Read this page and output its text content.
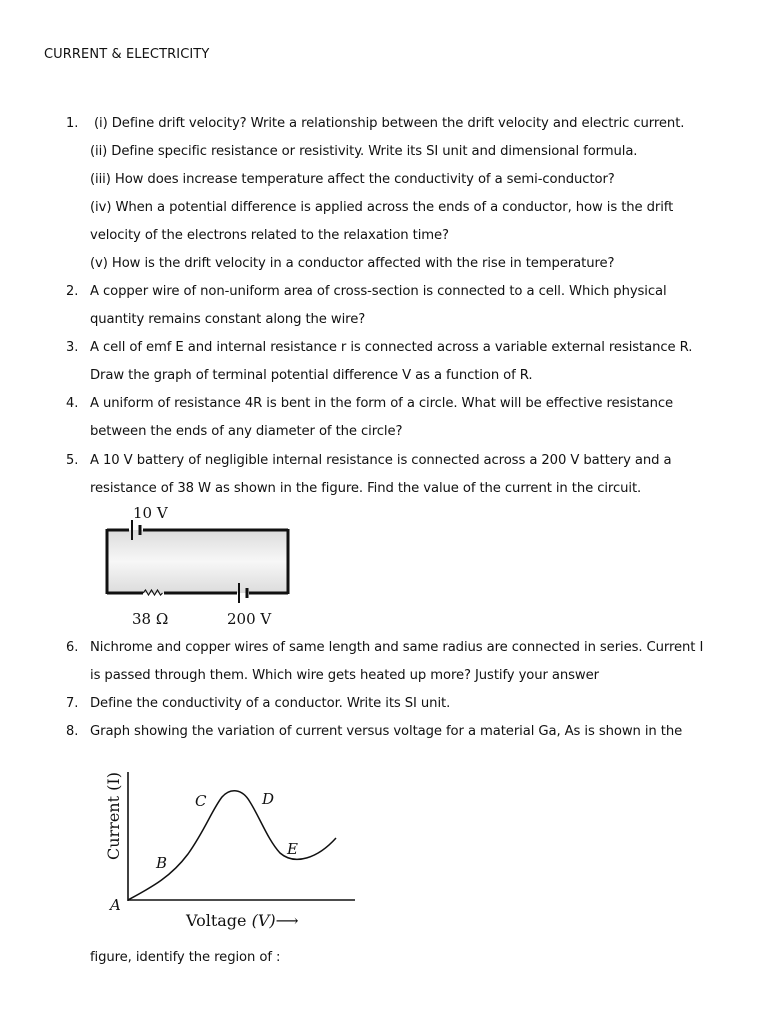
CURRENT & ELECTRICITY
1.	(i) Define drift velocity? Write a relationship between the drift velocity and electric current.
(ii) Define specific resistance or resistivity. Write its SI unit and dimensional formula.
(iii) How does increase temperature affect the conductivity of a semi-conductor?
(iv) When a potential difference is applied across the ends of a conductor, how is the drift
velocity of the electrons related to the relaxation time?
(v) How is the drift velocity in a conductor affected with the rise in temperature?
2. A copper wire of non-uniform area of cross-section is connected to a cell. Which physical
quantity remains constant along the wire?
3. A cell of emf E and internal resistance r is connected across a variable external resistance R.
Draw the graph of terminal potential difference V as a function of R.
4. A uniform of resistance 4R is bent in the form of a circle. What will be effective resistance
between the ends of any diameter of the circle?
5. A 10 V battery of negligible internal resistance is connected across a 200 V battery and a
resistance of 38 W as shown in the figure. Find the value of the current in the circuit.
10 V
38 Ω	200 V
6. Nichrome and copper wires of same length and same radius are connected in series. Current I
is passed through them. Which wire gets heated up more? Justify your answer
7. Define the conductivity of a conductor. Write its SI unit.
8. Graph showing the variation of current versus voltage for a material Ga, As is shown in the
Current (I)
Voltage (V)⟶
A
B
C	D
E
figure, identify the region of :
